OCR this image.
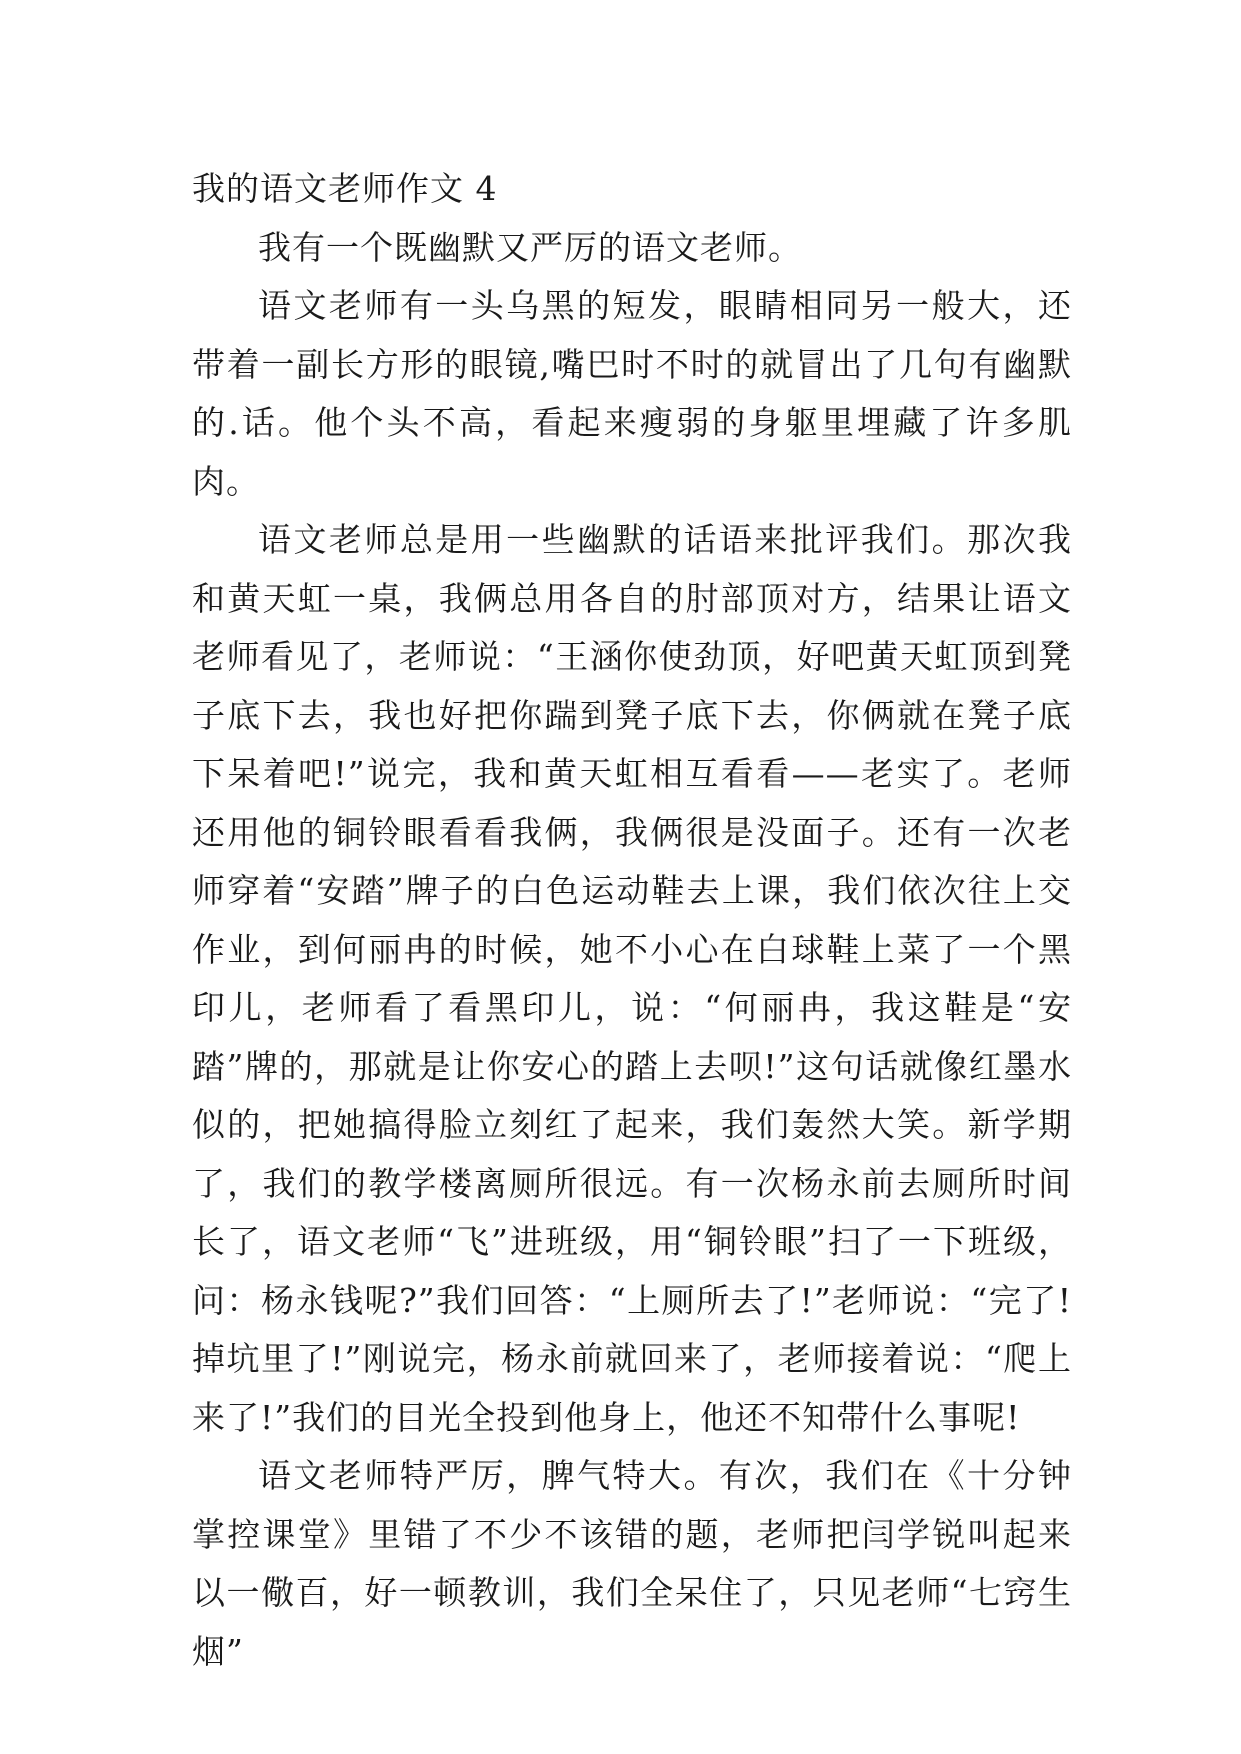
我的语文老师作文 4

我有一个既幽默又严厉的语文老师。

语文老师有一头乌黑的短发，眼睛相同另一般大，还带着一副长方形的眼镜,嘴巴时不时的就冒出了几句有幽默的.话。他个头不高，看起来瘦弱的身躯里埋藏了许多肌肉。

语文老师总是用一些幽默的话语来批评我们。那次我和黄天虹一桌，我俩总用各自的肘部顶对方，结果让语文老师看见了，老师说：“王涵你使劲顶，好吧黄天虹顶到凳子底下去，我也好把你踹到凳子底下去，你俩就在凳子底下呆着吧!”说完，我和黄天虹相互看看——老实了。老师还用他的铜铃眼看看我俩，我俩很是没面子。还有一次老师穿着“安踏”牌子的白色运动鞋去上课，我们依次往上交作业，到何丽冉的时候，她不小心在白球鞋上菜了一个黑印儿，老师看了看黑印儿，说：“何丽冉，我这鞋是“安踏”牌的，那就是让你安心的踏上去呗!”这句话就像红墨水似的，把她搞得脸立刻红了起来，我们轰然大笑。新学期了，我们的教学楼离厕所很远。有一次杨永前去厕所时间长了，语文老师“飞”进班级，用“铜铃眼”扫了一下班级，问：杨永钱呢?”我们回答：“上厕所去了!”老师说：“完了!掉坑里了!”刚说完，杨永前就回来了，老师接着说：“爬上来了!”我们的目光全投到他身上，他还不知带什么事呢!

语文老师特严厉，脾气特大。有次，我们在《十分钟掌控课堂》里错了不少不该错的题，老师把闫学锐叫起来以一儆百，好一顿教训，我们全呆住了，只见老师“七窍生烟”
